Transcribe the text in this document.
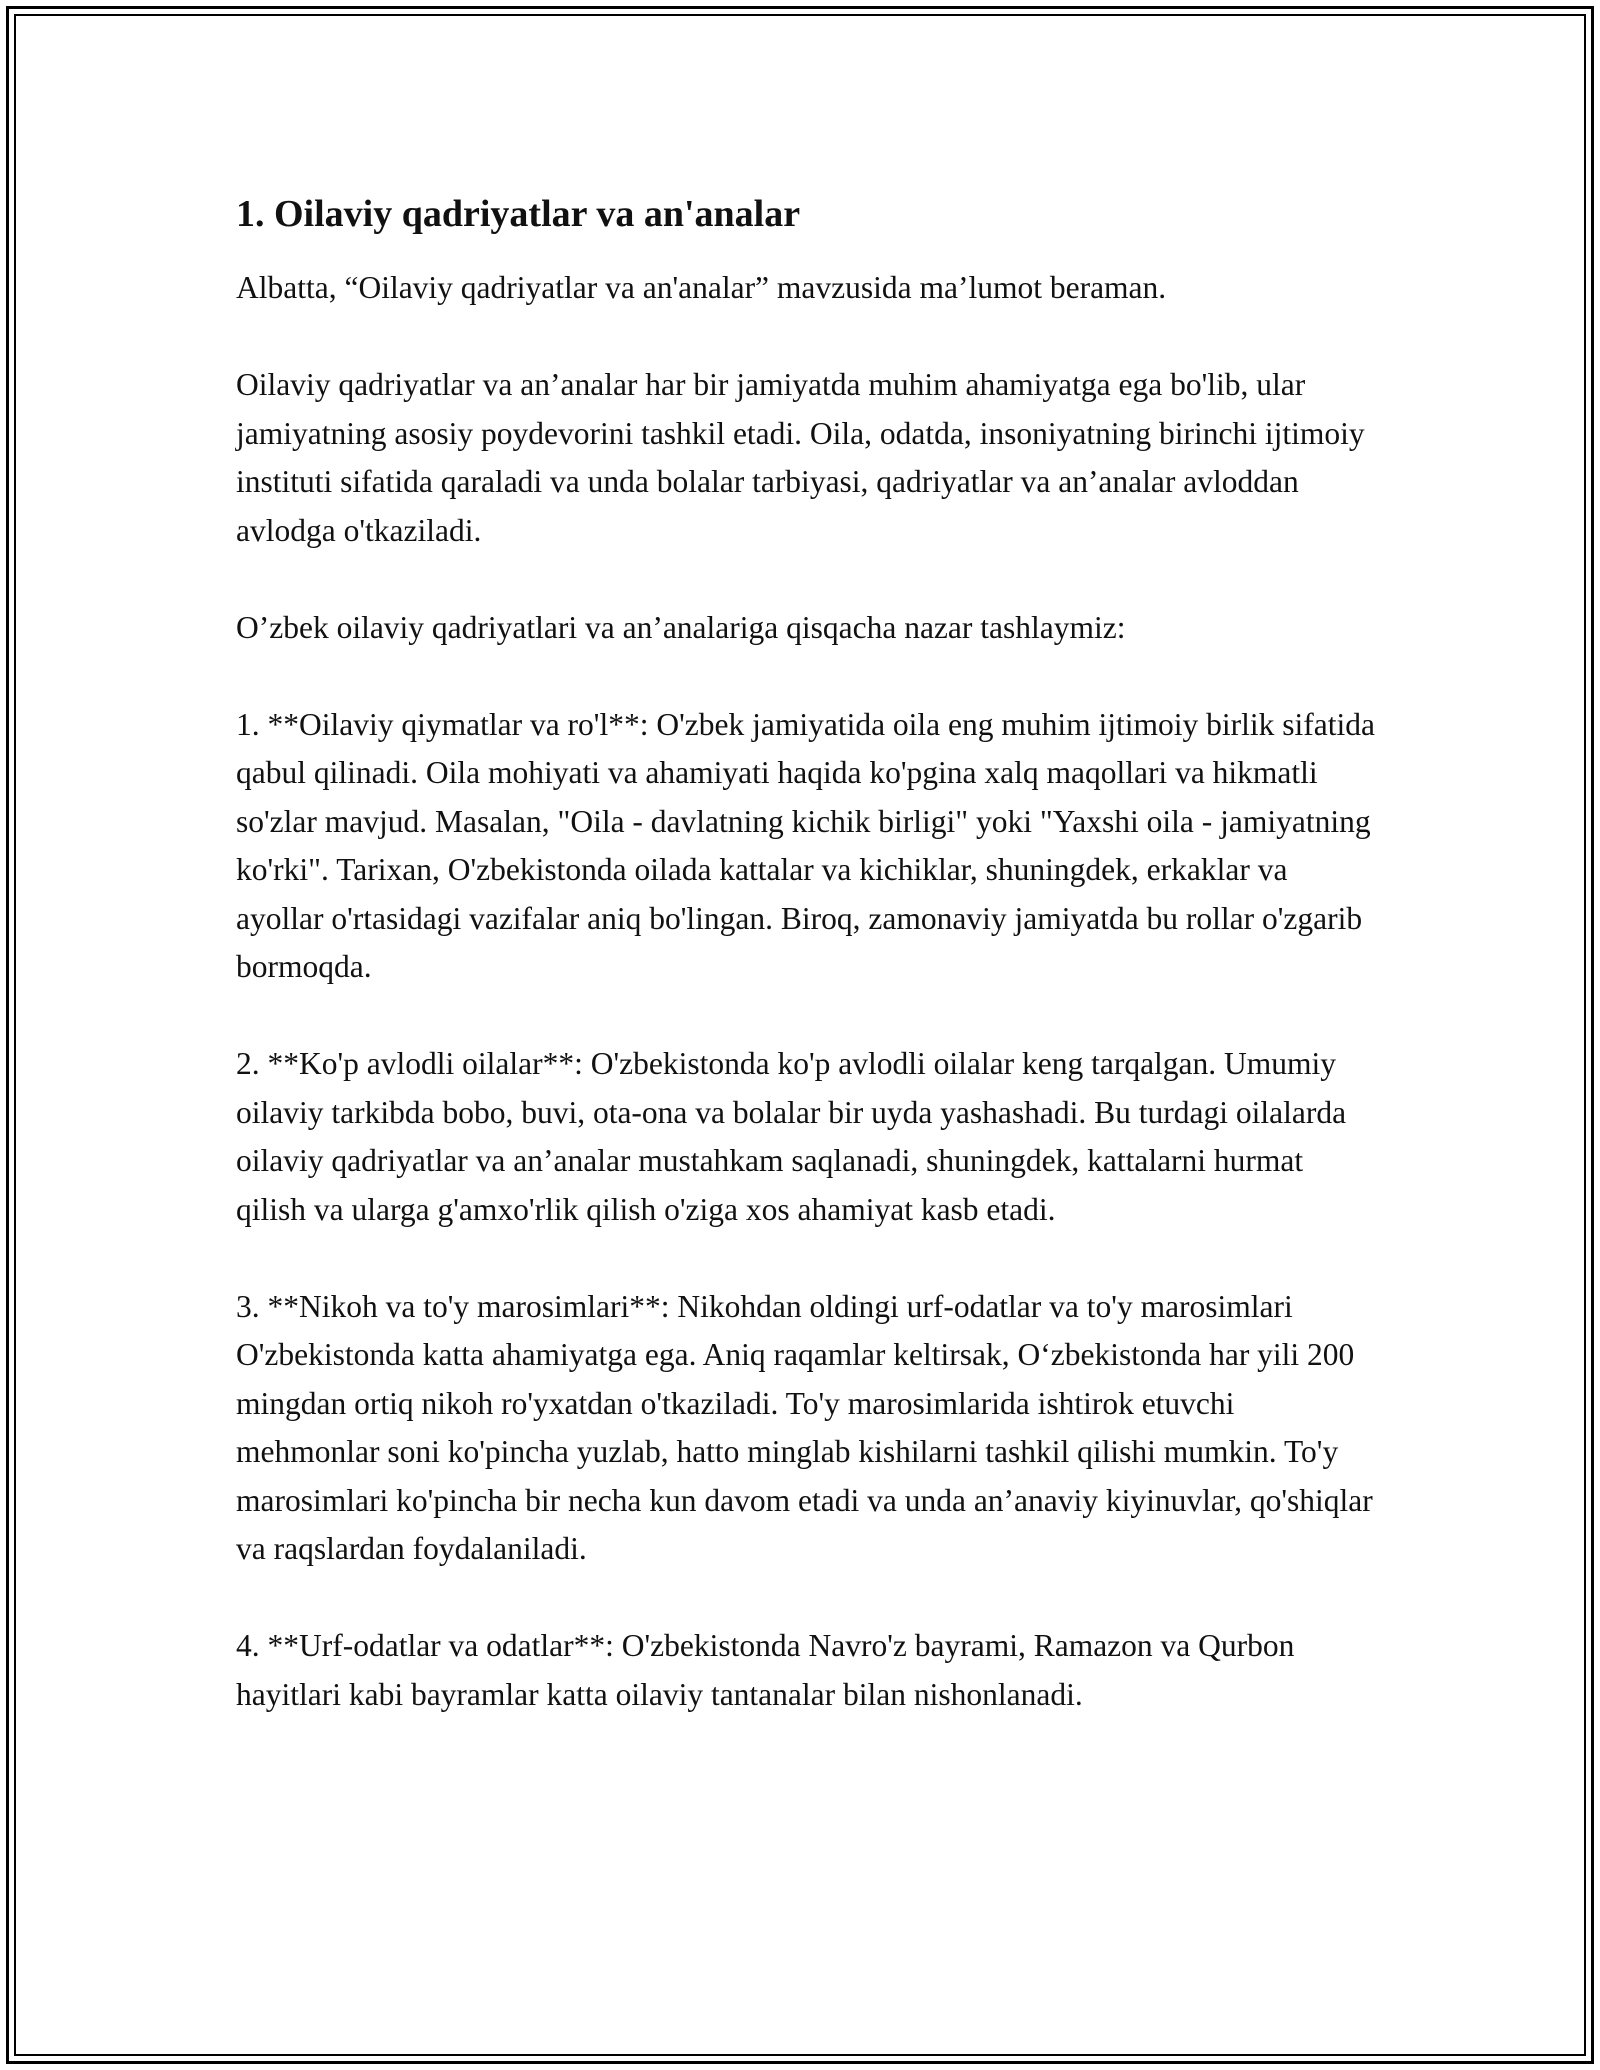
1. Oilaviy qadriyatlar va an'analar

Albatta, “Oilaviy qadriyatlar va an'analar” mavzusida ma’lumot beraman.

Oilaviy qadriyatlar va an’analar har bir jamiyatda muhim ahamiyatga ega bo'lib, ular jamiyatning asosiy poydevorini tashkil etadi. Oila, odatda, insoniyatning birinchi ijtimoiy instituti sifatida qaraladi va unda bolalar tarbiyasi, qadriyatlar va an’analar avloddan avlodga o'tkaziladi.

O’zbek oilaviy qadriyatlari va an’analariga qisqacha nazar tashlaymiz:

1. **Oilaviy qiymatlar va ro'l**: O'zbek jamiyatida oila eng muhim ijtimoiy birlik sifatida qabul qilinadi. Oila mohiyati va ahamiyati haqida ko'pgina xalq maqollari va hikmatli so'zlar mavjud. Masalan, "Oila - davlatning kichik birligi" yoki "Yaxshi oila - jamiyatning ko'rki". Tarixan, O'zbekistonda oilada kattalar va kichiklar, shuningdek, erkaklar va ayollar o'rtasidagi vazifalar aniq bo'lingan. Biroq, zamonaviy jamiyatda bu rollar o'zgarib bormoqda.

2. **Ko'p avlodli oilalar**: O'zbekistonda ko'p avlodli oilalar keng tarqalgan. Umumiy oilaviy tarkibda bobo, buvi, ota-ona va bolalar bir uyda yashashadi. Bu turdagi oilalarda oilaviy qadriyatlar va an’analar mustahkam saqlanadi, shuningdek, kattalarni hurmat qilish va ularga g'amxo'rlik qilish o'ziga xos ahamiyat kasb etadi.

3. **Nikoh va to'y marosimlari**: Nikohdan oldingi urf-odatlar va to'y marosimlari O'zbekistonda katta ahamiyatga ega. Aniq raqamlar keltirsak, O‘zbekistonda har yili 200 mingdan ortiq nikoh ro'yxatdan o'tkaziladi. To'y marosimlarida ishtirok etuvchi mehmonlar soni ko'pincha yuzlab, hatto minglab kishilarni tashkil qilishi mumkin. To'y marosimlari ko'pincha bir necha kun davom etadi va unda an’anaviy kiyinuvlar, qo'shiqlar va raqslardan foydalaniladi.

4. **Urf-odatlar va odatlar**: O'zbekistonda Navro'z bayrami, Ramazon va Qurbon hayitlari kabi bayramlar katta oilaviy tantanalar bilan nishonlanadi.
